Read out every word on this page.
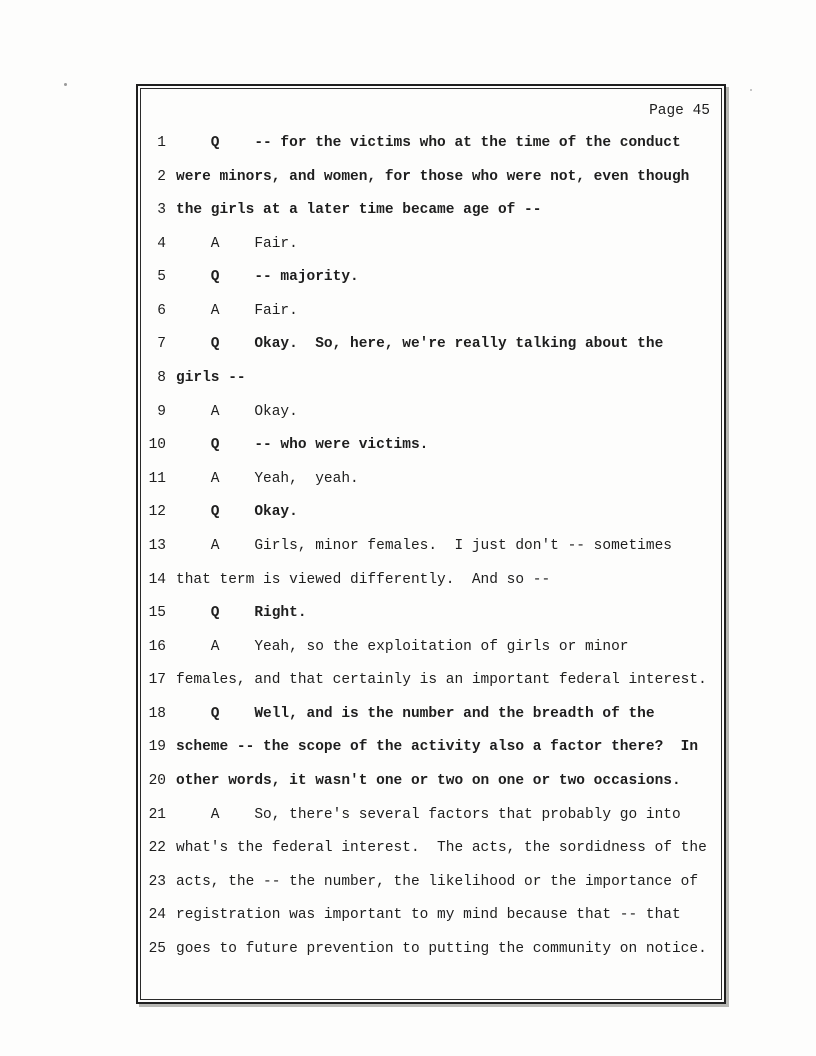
Page 45
1    Q    -- for the victims who at the time of the conduct
2 were minors, and women, for those who were not, even though
3 the girls at a later time became age of --
4    A    Fair.
5    Q    -- majority.
6    A    Fair.
7    Q    Okay.  So, here, we're really talking about the
8 girls --
9    A    Okay.
10    Q    -- who were victims.
11    A    Yeah,  yeah.
12    Q    Okay.
13    A    Girls, minor females.  I just don't -- sometimes
14 that term is viewed differently.  And so --
15    Q    Right.
16    A    Yeah, so the exploitation of girls or minor
17 females, and that certainly is an important federal interest.
18    Q    Well, and is the number and the breadth of the
19 scheme -- the scope of the activity also a factor there?  In
20 other words, it wasn't one or two on one or two occasions.
21    A    So, there's several factors that probably go into
22 what's the federal interest.  The acts, the sordidness of the
23 acts, the -- the number, the likelihood or the importance of
24 registration was important to my mind because that -- that
25 goes to future prevention to putting the community on notice.
